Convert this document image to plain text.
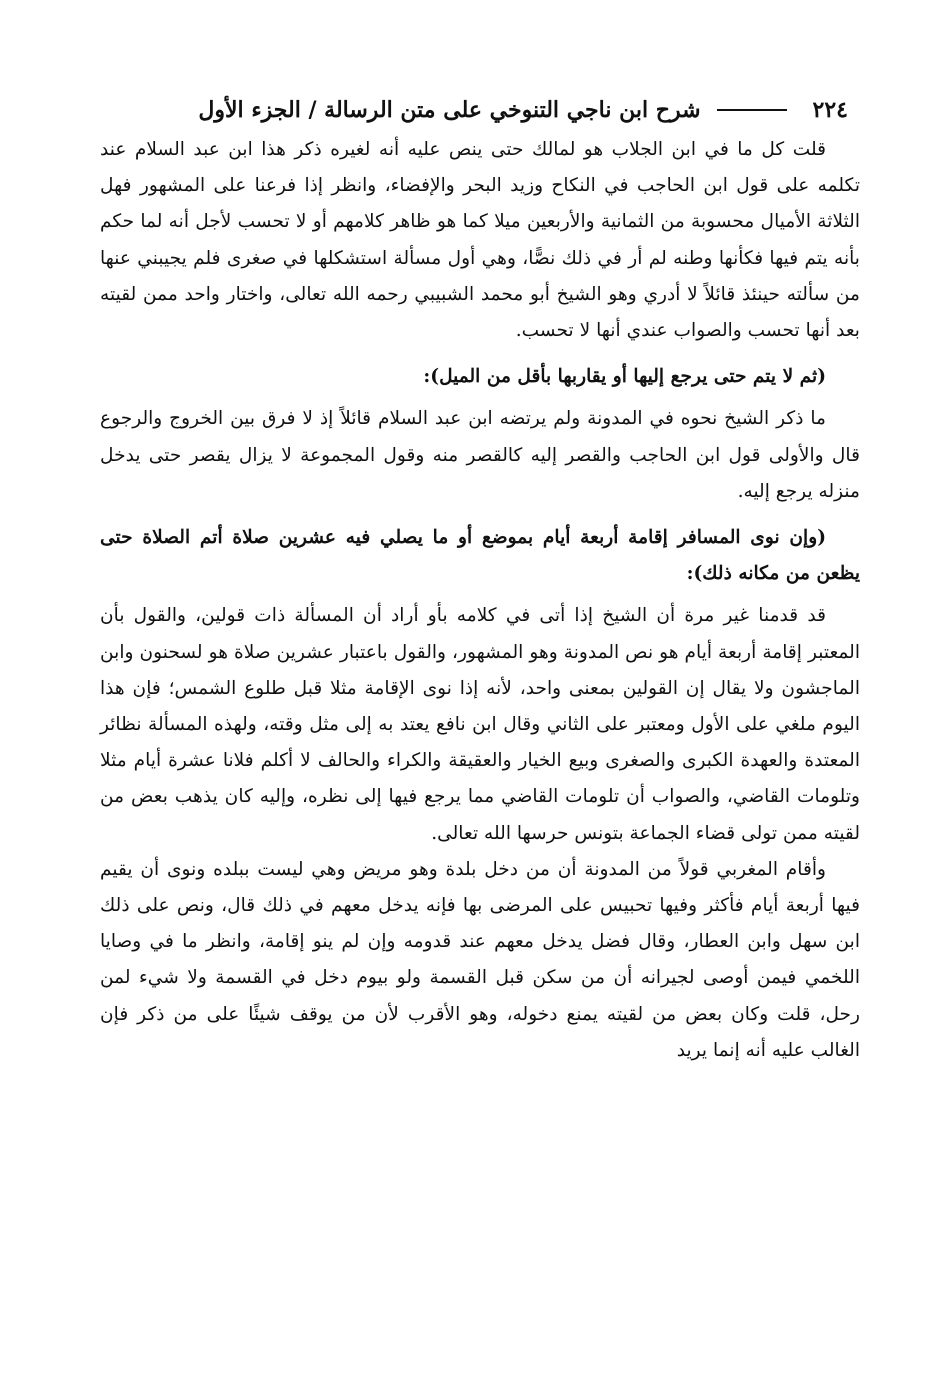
٢٢٤
شرح ابن ناجي التنوخي على متن الرسالة / الجزء الأول

قلت كل ما في ابن الجلاب هو لمالك حتى ينص عليه أنه لغيره ذكر هذا ابن عبد السلام عند تكلمه على قول ابن الحاجب في النكاح وزيد البحر والإفضاء، وانظر إذا فرعنا على المشهور فهل الثلاثة الأميال محسوبة من الثمانية والأربعين ميلا كما هو ظاهر كلامهم أو لا تحسب لأجل أنه لما حكم بأنه يتم فيها فكأنها وطنه لم أر في ذلك نصًّا، وهي أول مسألة استشكلها في صغرى فلم يجيبني عنها من سألته حينئذ قائلاً لا أدري وهو الشيخ أبو محمد الشبيبي رحمه الله تعالى، واختار واحد ممن لقيته بعد أنها تحسب والصواب عندي أنها لا تحسب.

(ثم لا يتم حتى يرجع إليها أو يقاربها بأقل من الميل):

ما ذكر الشيخ نحوه في المدونة ولم يرتضه ابن عبد السلام قائلاً إذ لا فرق بين الخروج والرجوع قال والأولى قول ابن الحاجب والقصر إليه كالقصر منه وقول المجموعة لا يزال يقصر حتى يدخل منزله يرجع إليه.

(وإن نوى المسافر إقامة أربعة أيام بموضع أو ما يصلي فيه عشرين صلاة أتم الصلاة حتى يظعن من مكانه ذلك):

قد قدمنا غير مرة أن الشيخ إذا أتى في كلامه بأو أراد أن المسألة ذات قولين، والقول بأن المعتبر إقامة أربعة أيام هو نص المدونة وهو المشهور، والقول باعتبار عشرين صلاة هو لسحنون وابن الماجشون ولا يقال إن القولين بمعنى واحد، لأنه إذا نوى الإقامة مثلا قبل طلوع الشمس؛ فإن هذا اليوم ملغي على الأول ومعتبر على الثاني وقال ابن نافع يعتد به إلى مثل وقته، ولهذه المسألة نظائر المعتدة والعهدة الكبرى والصغرى وبيع الخيار والعقيقة والكراء والحالف لا أكلم فلانا عشرة أيام مثلا وتلومات القاضي، والصواب أن تلومات القاضي مما يرجع فيها إلى نظره، وإليه كان يذهب بعض من لقيته ممن تولى قضاء الجماعة بتونس حرسها الله تعالى.

وأقام المغربي قولاً من المدونة أن من دخل بلدة وهو مريض وهي ليست ببلده ونوى أن يقيم فيها أربعة أيام فأكثر وفيها تحبيس على المرضى بها فإنه يدخل معهم في ذلك قال، ونص على ذلك ابن سهل وابن العطار، وقال فضل يدخل معهم عند قدومه وإن لم ينو إقامة، وانظر ما في وصايا اللخمي فيمن أوصى لجيرانه أن من سكن قبل القسمة ولو بيوم دخل في القسمة ولا شيء لمن رحل، قلت وكان بعض من لقيته يمنع دخوله، وهو الأقرب لأن من يوقف شيئًا على من ذكر فإن الغالب عليه أنه إنما يريد
